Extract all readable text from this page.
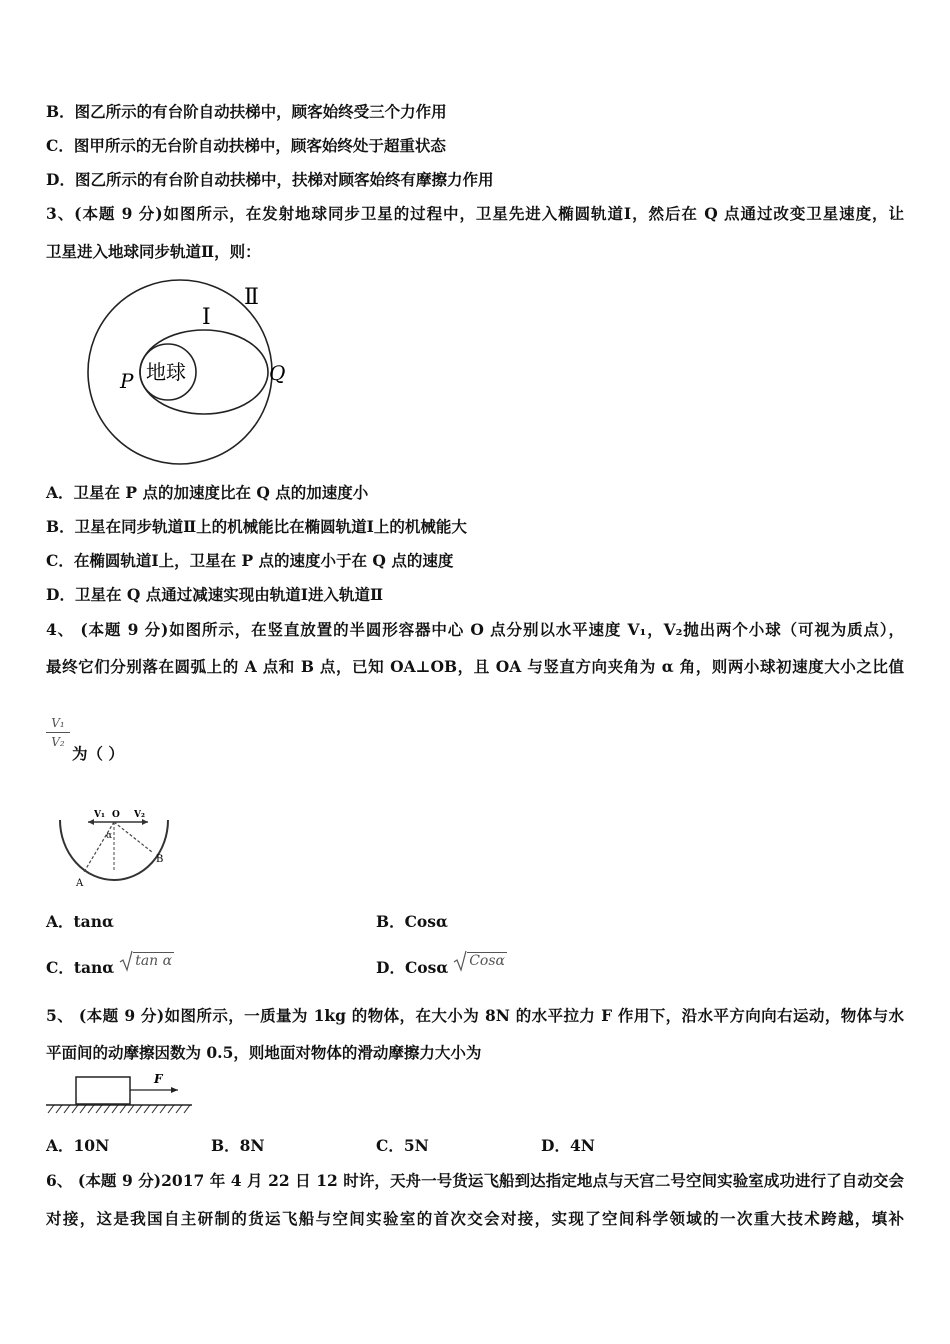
B．图乙所示的有台阶自动扶梯中，顾客始终受三个力作用
C．图甲所示的无台阶自动扶梯中，顾客始终处于超重状态
D．图乙所示的有台阶自动扶梯中，扶梯对顾客始终有摩擦力作用
3、(本题 9 分)如图所示，在发射地球同步卫星的过程中，卫星先进入椭圆轨道Ⅰ，然后在 Q 点通过改变卫星速度，让
卫星进入地球同步轨道Ⅱ，则：
Ⅱ
Ⅰ
地球
P	Q
A．卫星在 P 点的加速度比在 Q 点的加速度小
B．卫星在同步轨道Ⅱ上的机械能比在椭圆轨道Ⅰ上的机械能大
C．在椭圆轨道Ⅰ上，卫星在 P 点的速度小于在 Q 点的速度
D．卫星在 Q 点通过减速实现由轨道Ⅰ进入轨道Ⅱ
4、 (本题 9 分)如图所示，在竖直放置的半圆形容器中心 O 点分别以水平速度 V₁，V₂抛出两个小球（可视为质点），
最终它们分别落在圆弧上的 A 点和 B 点，已知 OA⊥OB，且 OA 与竖直方向夹角为 α 角，则两小球初速度大小之比值
V₁
V₂
为（ ）
V₁ O V₂
α
A
B
A．tanα	B．Cosα
C．tanα tan α	D．Cosα Cosα
5、 (本题 9 分)如图所示，一质量为 1kg 的物体，在大小为 8N 的水平拉力 F 作用下，沿水平方向向右运动，物体与水
平面间的动摩擦因数为 0.5，则地面对物体的滑动摩擦力大小为
F
A．10N	B．8N	C．5N	D．4N
6、 (本题 9 分)2017 年 4 月 22 日 12 时许，天舟一号货运飞船到达指定地点与天宫二号空间实验室成功进行了自动交会
对接，这是我国自主研制的货运飞船与空间实验室的首次交会对接，实现了空间科学领域的一次重大技术跨越，填补
